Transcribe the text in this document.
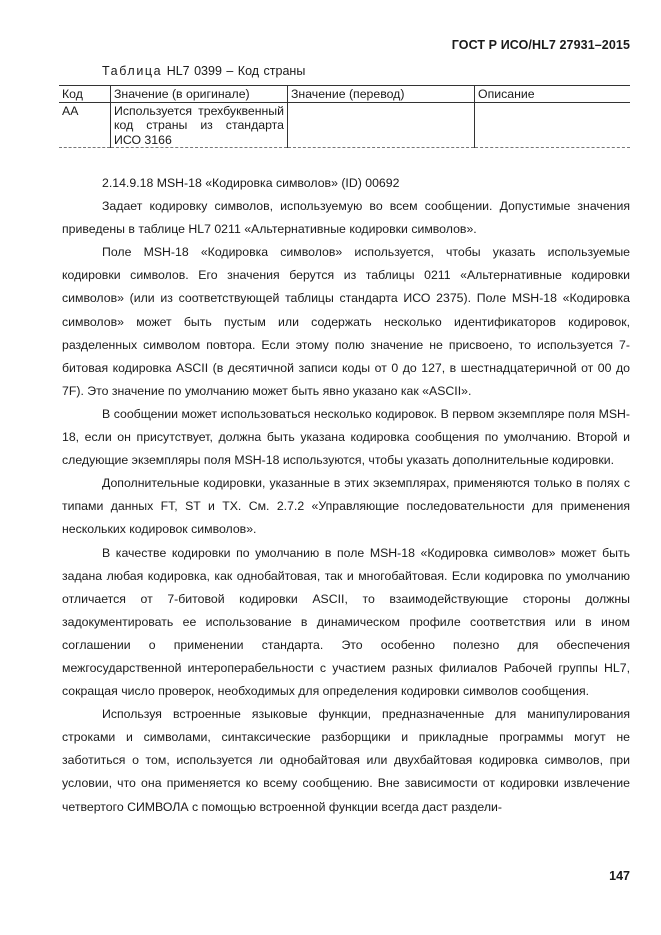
ГОСТ Р ИСО/HL7 27931–2015
Таблица HL7 0399 – Код страны
Код	Значение (в оригинале)	Значение (перевод)	Описание
AA	Используется трехбуквенный код страны из стандарта ИСО 3166		

2.14.9.18 MSH-18 «Кодировка символов» (ID) 00692

Задает кодировку символов, используемую во всем сообщении. Допустимые значения приведены в таблице HL7 0211 «Альтернативные кодировки символов».

Поле MSH-18 «Кодировка символов» используется, чтобы указать используемые кодировки символов. Его значения берутся из таблицы 0211 «Альтернативные кодировки символов» (или из соответствующей таблицы стандарта ИСО 2375). Поле MSH-18 «Кодировка символов» может быть пустым или содержать несколько идентификаторов кодировок, разделенных символом повтора. Если этому полю значение не присвоено, то используется 7-битовая кодировка ASCII (в десятичной записи коды от 0 до 127, в шестнадцатеричной от 00 до 7F). Это значение по умолчанию может быть явно указано как «ASCII».

В сообщении может использоваться несколько кодировок. В первом экземпляре поля MSH-18, если он присутствует, должна быть указана кодировка сообщения по умолчанию. Второй и следующие экземпляры поля MSH-18 используются, чтобы указать дополнительные кодировки.

Дополнительные кодировки, указанные в этих экземплярах, применяются только в полях с типами данных FT, ST и TX. См. 2.7.2 «Управляющие последовательности для применения нескольких кодировок символов».

В качестве кодировки по умолчанию в поле MSH-18 «Кодировка символов» может быть задана любая кодировка, как однобайтовая, так и многобайтовая. Если кодировка по умолчанию отличается от 7-битовой кодировки ASCII, то взаимодействующие стороны должны задокументировать ее использование в динамическом профиле соответствия или в ином соглашении о применении стандарта. Это особенно полезно для обеспечения межгосударственной интероперабельности с участием разных филиалов Рабочей группы HL7, сокращая число проверок, необходимых для определения кодировки символов сообщения.

Используя встроенные языковые функции, предназначенные для манипулирования строками и символами, синтаксические разборщики и прикладные программы могут не заботиться о том, используется ли однобайтовая или двухбайтовая кодировка символов, при условии, что она применяется ко всему сообщению. Вне зависимости от кодировки извлечение четвертого СИМВОЛА с помощью встроенной функции всегда даст раздели-

147
